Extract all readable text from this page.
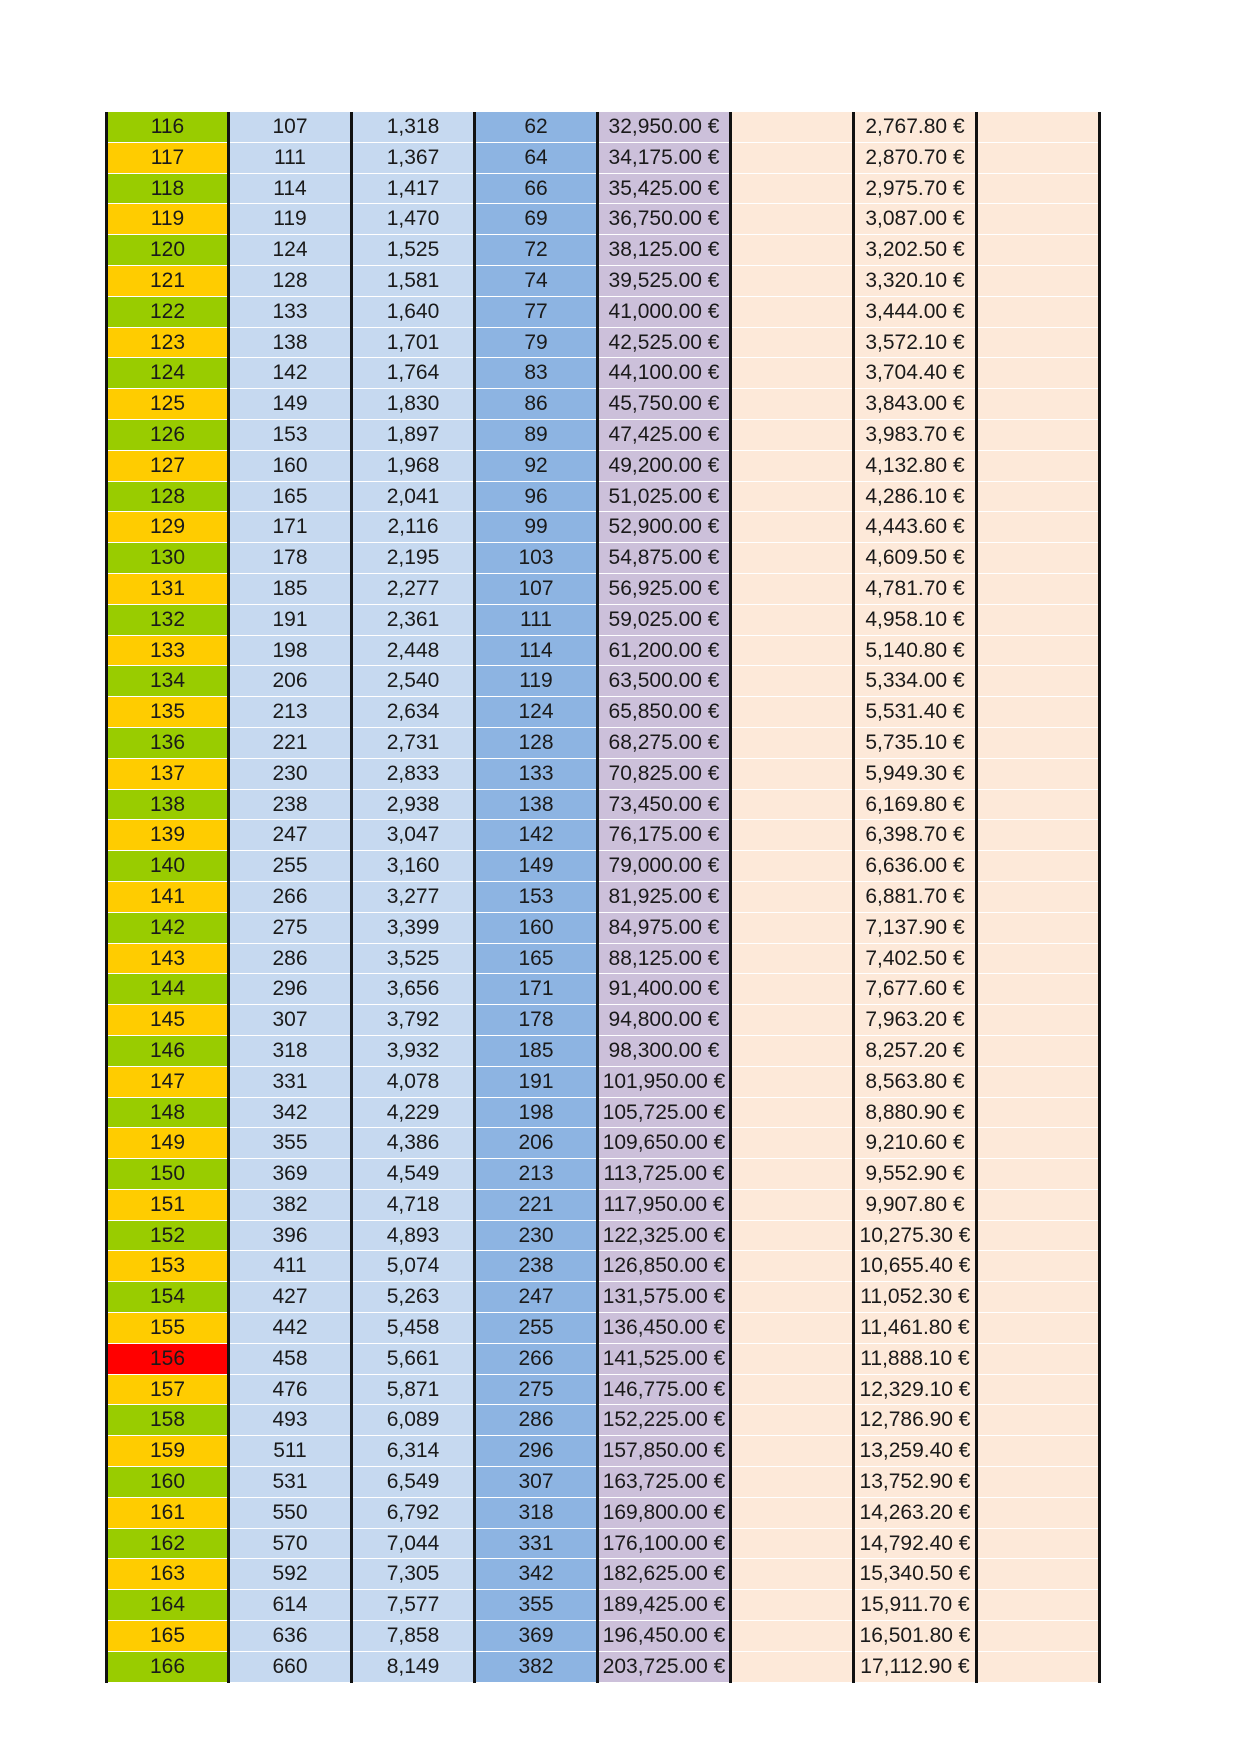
116	107	1,318	62	32,950.00 €		2,767.80 €	
117	111	1,367	64	34,175.00 €		2,870.70 €	
118	114	1,417	66	35,425.00 €		2,975.70 €	
119	119	1,470	69	36,750.00 €		3,087.00 €	
120	124	1,525	72	38,125.00 €		3,202.50 €	
121	128	1,581	74	39,525.00 €		3,320.10 €	
122	133	1,640	77	41,000.00 €		3,444.00 €	
123	138	1,701	79	42,525.00 €		3,572.10 €	
124	142	1,764	83	44,100.00 €		3,704.40 €	
125	149	1,830	86	45,750.00 €		3,843.00 €	
126	153	1,897	89	47,425.00 €		3,983.70 €	
127	160	1,968	92	49,200.00 €		4,132.80 €	
128	165	2,041	96	51,025.00 €		4,286.10 €	
129	171	2,116	99	52,900.00 €		4,443.60 €	
130	178	2,195	103	54,875.00 €		4,609.50 €	
131	185	2,277	107	56,925.00 €		4,781.70 €	
132	191	2,361	111	59,025.00 €		4,958.10 €	
133	198	2,448	114	61,200.00 €		5,140.80 €	
134	206	2,540	119	63,500.00 €		5,334.00 €	
135	213	2,634	124	65,850.00 €		5,531.40 €	
136	221	2,731	128	68,275.00 €		5,735.10 €	
137	230	2,833	133	70,825.00 €		5,949.30 €	
138	238	2,938	138	73,450.00 €		6,169.80 €	
139	247	3,047	142	76,175.00 €		6,398.70 €	
140	255	3,160	149	79,000.00 €		6,636.00 €	
141	266	3,277	153	81,925.00 €		6,881.70 €	
142	275	3,399	160	84,975.00 €		7,137.90 €	
143	286	3,525	165	88,125.00 €		7,402.50 €	
144	296	3,656	171	91,400.00 €		7,677.60 €	
145	307	3,792	178	94,800.00 €		7,963.20 €	
146	318	3,932	185	98,300.00 €		8,257.20 €	
147	331	4,078	191	101,950.00 €		8,563.80 €	
148	342	4,229	198	105,725.00 €		8,880.90 €	
149	355	4,386	206	109,650.00 €		9,210.60 €	
150	369	4,549	213	113,725.00 €		9,552.90 €	
151	382	4,718	221	117,950.00 €		9,907.80 €	
152	396	4,893	230	122,325.00 €		10,275.30 €	
153	411	5,074	238	126,850.00 €		10,655.40 €	
154	427	5,263	247	131,575.00 €		11,052.30 €	
155	442	5,458	255	136,450.00 €		11,461.80 €	
156	458	5,661	266	141,525.00 €		11,888.10 €	
157	476	5,871	275	146,775.00 €		12,329.10 €	
158	493	6,089	286	152,225.00 €		12,786.90 €	
159	511	6,314	296	157,850.00 €		13,259.40 €	
160	531	6,549	307	163,725.00 €		13,752.90 €	
161	550	6,792	318	169,800.00 €		14,263.20 €	
162	570	7,044	331	176,100.00 €		14,792.40 €	
163	592	7,305	342	182,625.00 €		15,340.50 €	
164	614	7,577	355	189,425.00 €		15,911.70 €	
165	636	7,858	369	196,450.00 €		16,501.80 €	
166	660	8,149	382	203,725.00 €		17,112.90 €	
